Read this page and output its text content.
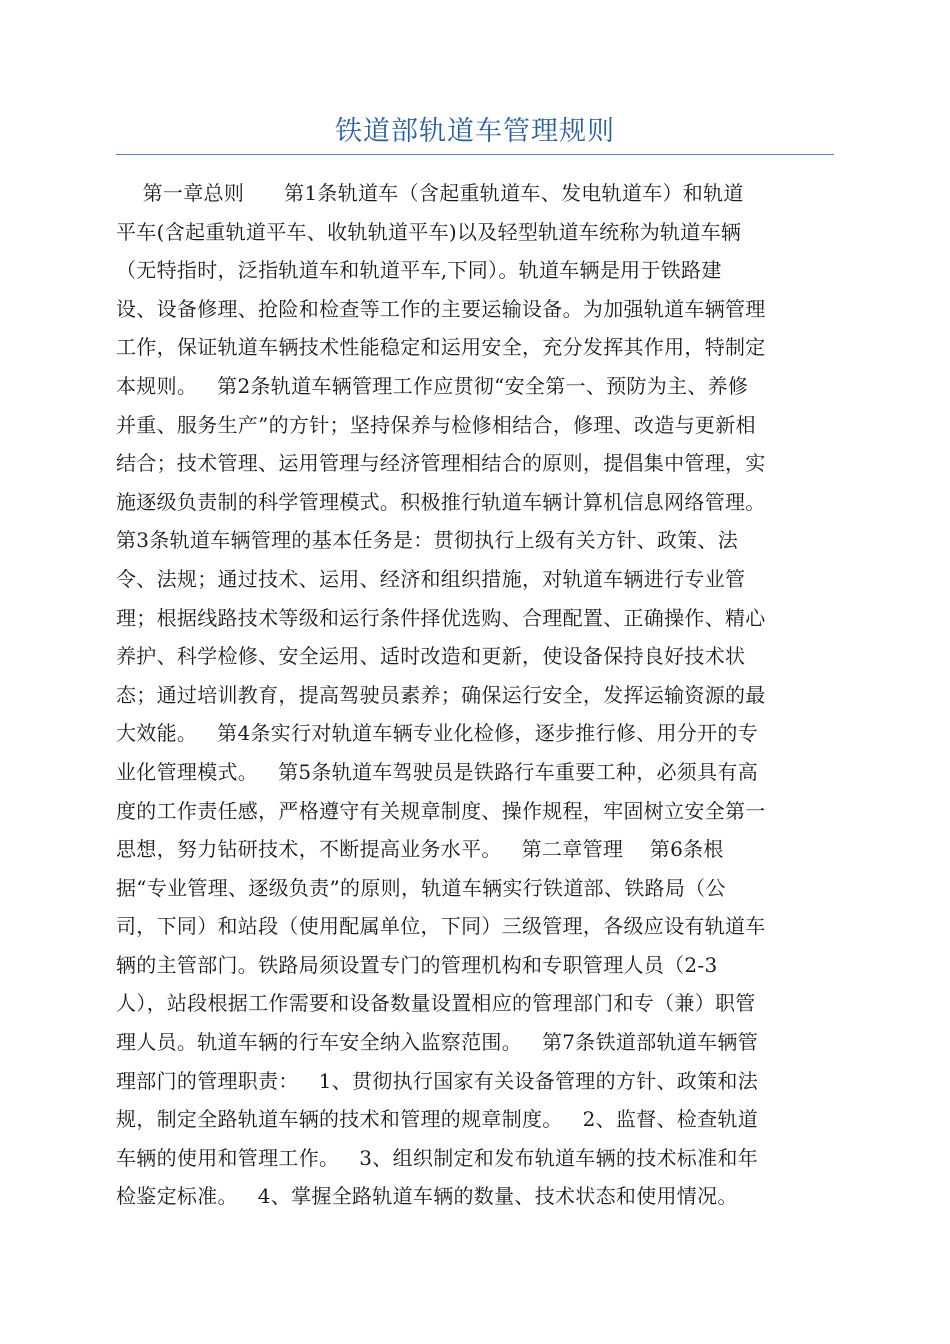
铁道部轨道车管理规则
第一章总则      第1条轨道车（含起重轨道车、发电轨道车）和轨道
平车(含起重轨道平车、收轨轨道平车)以及轻型轨道车统称为轨道车辆
（无特指时，泛指轨道车和轨道平车,下同）。轨道车辆是用于铁路建
设、设备修理、抢险和检查等工作的主要运输设备。为加强轨道车辆管理
工作，保证轨道车辆技术性能稳定和运用安全，充分发挥其作用，特制定
本规则。   第2条轨道车辆管理工作应贯彻“安全第一、预防为主、养修
并重、服务生产”的方针；坚持保养与检修相结合，修理、改造与更新相
结合；技术管理、运用管理与经济管理相结合的原则，提倡集中管理，实
施逐级负责制的科学管理模式。积极推行轨道车辆计算机信息网络管理。
第3条轨道车辆管理的基本任务是：贯彻执行上级有关方针、政策、法
令、法规；通过技术、运用、经济和组织措施，对轨道车辆进行专业管
理；根据线路技术等级和运行条件择优选购、合理配置、正确操作、精心
养护、科学检修、安全运用、适时改造和更新，使设备保持良好技术状
态；通过培训教育，提高驾驶员素养；确保运行安全，发挥运输资源的最
大效能。   第4条实行对轨道车辆专业化检修，逐步推行修、用分开的专
业化管理模式。   第5条轨道车驾驶员是铁路行车重要工种，必须具有高
度的工作责任感，严格遵守有关规章制度、操作规程，牢固树立安全第一
思想，努力钻研技术，不断提高业务水平。   第二章管理    第6条根
据“专业管理、逐级负责”的原则，轨道车辆实行铁道部、铁路局（公
司，下同）和站段（使用配属单位，下同）三级管理，各级应设有轨道车
辆的主管部门。铁路局须设置专门的管理机构和专职管理人员（2-3
人），站段根据工作需要和设备数量设置相应的管理部门和专（兼）职管
理人员。轨道车辆的行车安全纳入监察范围。   第7条铁道部轨道车辆管
理部门的管理职责：   1、贯彻执行国家有关设备管理的方针、政策和法
规，制定全路轨道车辆的技术和管理的规章制度。   2、监督、检查轨道
车辆的使用和管理工作。   3、组织制定和发布轨道车辆的技术标准和年
检鉴定标准。   4、掌握全路轨道车辆的数量、技术状态和使用情况。
